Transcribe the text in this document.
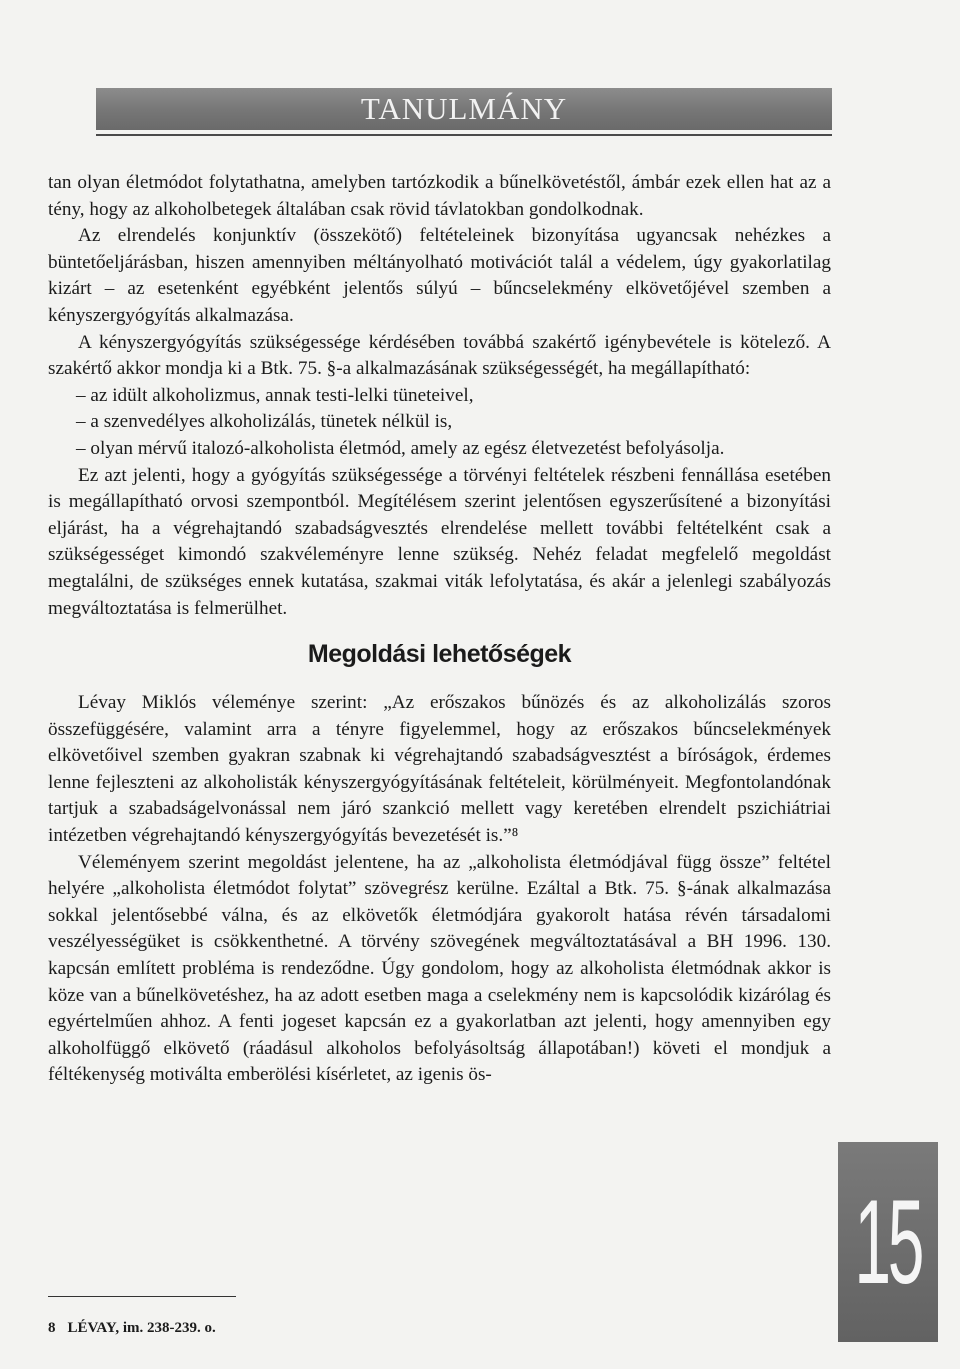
TANULMÁNY

tan olyan életmódot folytathatna, amelyben tartózkodik a bűnelkövetéstől, ámbár ezek ellen hat az a tény, hogy az alkoholbetegek általában csak rövid távlatokban gondolkodnak.

Az elrendelés konjunktív (összekötő) feltételeinek bizonyítása ugyancsak nehézkes a büntetőeljárásban, hiszen amennyiben méltányolható motivációt talál a védelem, úgy gyakorlatilag kizárt – az esetenként egyébként jelentős súlyú – bűncselekmény elkövetőjével szemben a kényszergyógyítás alkalmazása.

A kényszergyógyítás szükségessége kérdésében továbbá szakértő igénybevétele is kötelező. A szakértő akkor mondja ki a Btk. 75. §-a alkalmazásának szükségességét, ha megállapítható:

– az idült alkoholizmus, annak testi-lelki tüneteivel,

– a szenvedélyes alkoholizálás, tünetek nélkül is,

– olyan mérvű italozó-alkoholista életmód, amely az egész életvezetést befolyásolja.

Ez azt jelenti, hogy a gyógyítás szükségessége a törvényi feltételek részbeni fennállása esetében is megállapítható orvosi szempontból. Megítélésem szerint jelentősen egyszerűsítené a bizonyítási eljárást, ha a végrehajtandó szabadságvesztés elrendelése mellett további feltételként csak a szükségességet kimondó szakvéleményre lenne szükség. Nehéz feladat megfelelő megoldást megtalálni, de szükséges ennek kutatása, szakmai viták lefolytatása, és akár a jelenlegi szabályozás megváltoztatása is felmerülhet.

Megoldási lehetőségek

Lévay Miklós véleménye szerint: „Az erőszakos bűnözés és az alkoholizálás szoros összefüggésére, valamint arra a tényre figyelemmel, hogy az erőszakos bűncselekmények elkövetőivel szemben gyakran szabnak ki végrehajtandó szabadságvesztést a bíróságok, érdemes lenne fejleszteni az alkoholisták kényszergyógyításának feltételeit, körülményeit. Megfontolandónak tartjuk a szabadságelvonással nem járó szankció mellett vagy keretében elrendelt pszichiátriai intézetben végrehajtandó kényszergyógyítás bevezetését is.”⁸

Véleményem szerint megoldást jelentene, ha az „alkoholista életmódjával függ össze” feltétel helyére „alkoholista életmódot folytat” szövegrész kerülne. Ezáltal a Btk. 75. §-ának alkalmazása sokkal jelentősebbé válna, és az elkövetők életmódjára gyakorolt hatása révén társadalomi veszélyességüket is csökkenthetné. A törvény szövegének megváltoztatásával a BH 1996. 130. kapcsán említett probléma is rendeződne. Úgy gondolom, hogy az alkoholista életmódnak akkor is köze van a bűnelkövetéshez, ha az adott esetben maga a cselekmény nem is kapcsolódik kizárólag és egyértelműen ahhoz. A fenti jogeset kapcsán ez a gyakorlatban azt jelenti, hogy amennyiben egy alkoholfüggő elkövető (ráadásul alkoholos befolyásoltság állapotában!) követi el mondjuk a féltékenység motiválta emberölési kísérletet, az igenis ös-

8 LÉVAY, im. 238-239. o.
15
